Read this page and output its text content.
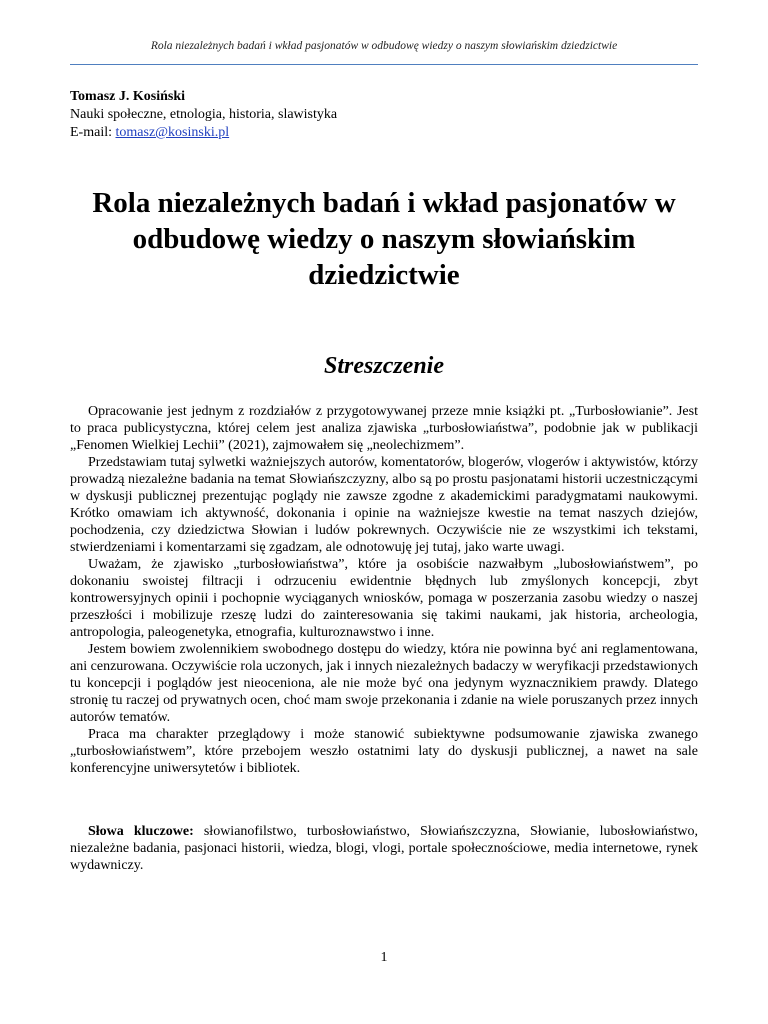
Rola niezależnych badań i wkład pasjonatów w odbudowę wiedzy o naszym słowiańskim dziedzictwie
Tomasz J. Kosiński
Nauki społeczne, etnologia, historia, slawistyka
E-mail: tomasz@kosinski.pl
Rola niezależnych badań i wkład pasjonatów w odbudowę wiedzy o naszym słowiańskim dziedzictwie
Streszczenie

Opracowanie jest jednym z rozdziałów z przygotowywanej przeze mnie książki pt. „Turbosłowianie”. Jest to praca publicystyczna, której celem jest analiza zjawiska „turbosłowiaństwa”, podobnie jak w publikacji „Fenomen Wielkiej Lechii” (2021), zajmowałem się „neolechizmem”.

Przedstawiam tutaj sylwetki ważniejszych autorów, komentatorów, blogerów, vlogerów i aktywistów, którzy prowadzą niezależne badania na temat Słowiańszczyzny, albo są po prostu pasjonatami historii uczestniczącymi w dyskusji publicznej prezentując poglądy nie zawsze zgodne z akademickimi paradygmatami naukowymi. Krótko omawiam ich aktywność, dokonania i opinie na ważniejsze kwestie na temat naszych dziejów, pochodzenia, czy dziedzictwa Słowian i ludów pokrewnych. Oczywiście nie ze wszystkimi ich tekstami, stwierdzeniami i komentarzami się zgadzam, ale odnotowuję jej tutaj, jako warte uwagi.

Uważam, że zjawisko „turbosłowiaństwa”, które ja osobiście nazwałbym „lubosłowiaństwem”, po dokonaniu swoistej filtracji i odrzuceniu ewidentnie błędnych lub zmyślonych koncepcji, zbyt kontrowersyjnych opinii i pochopnie wyciąganych wniosków, pomaga w poszerzania zasobu wiedzy o naszej przeszłości i mobilizuje rzeszę ludzi do zainteresowania się takimi naukami, jak historia, archeologia, antropologia, paleogenetyka, etnografia, kulturoznawstwo i inne.

Jestem bowiem zwolennikiem swobodnego dostępu do wiedzy, która nie powinna być ani reglamentowana, ani cenzurowana. Oczywiście rola uczonych, jak i innych niezależnych badaczy w weryfikacji przedstawionych tu koncepcji i poglądów jest nieoceniona, ale nie może być ona jedynym wyznacznikiem prawdy. Dlatego stronię tu raczej od prywatnych ocen, choć mam swoje przekonania i zdanie na wiele poruszanych przez innych autorów tematów.

Praca ma charakter przeglądowy i może stanowić subiektywne podsumowanie zjawiska zwanego „turbosłowiaństwem”, które przebojem weszło ostatnimi laty do dyskusji publicznej, a nawet na sale konferencyjne uniwersytetów i bibliotek.

Słowa kluczowe: słowianofilstwo, turbosłowiaństwo, Słowiańszczyzna, Słowianie, lubosłowiaństwo, niezależne badania, pasjonaci historii, wiedza, blogi, vlogi, portale społecznościowe, media internetowe, rynek wydawniczy.

1
